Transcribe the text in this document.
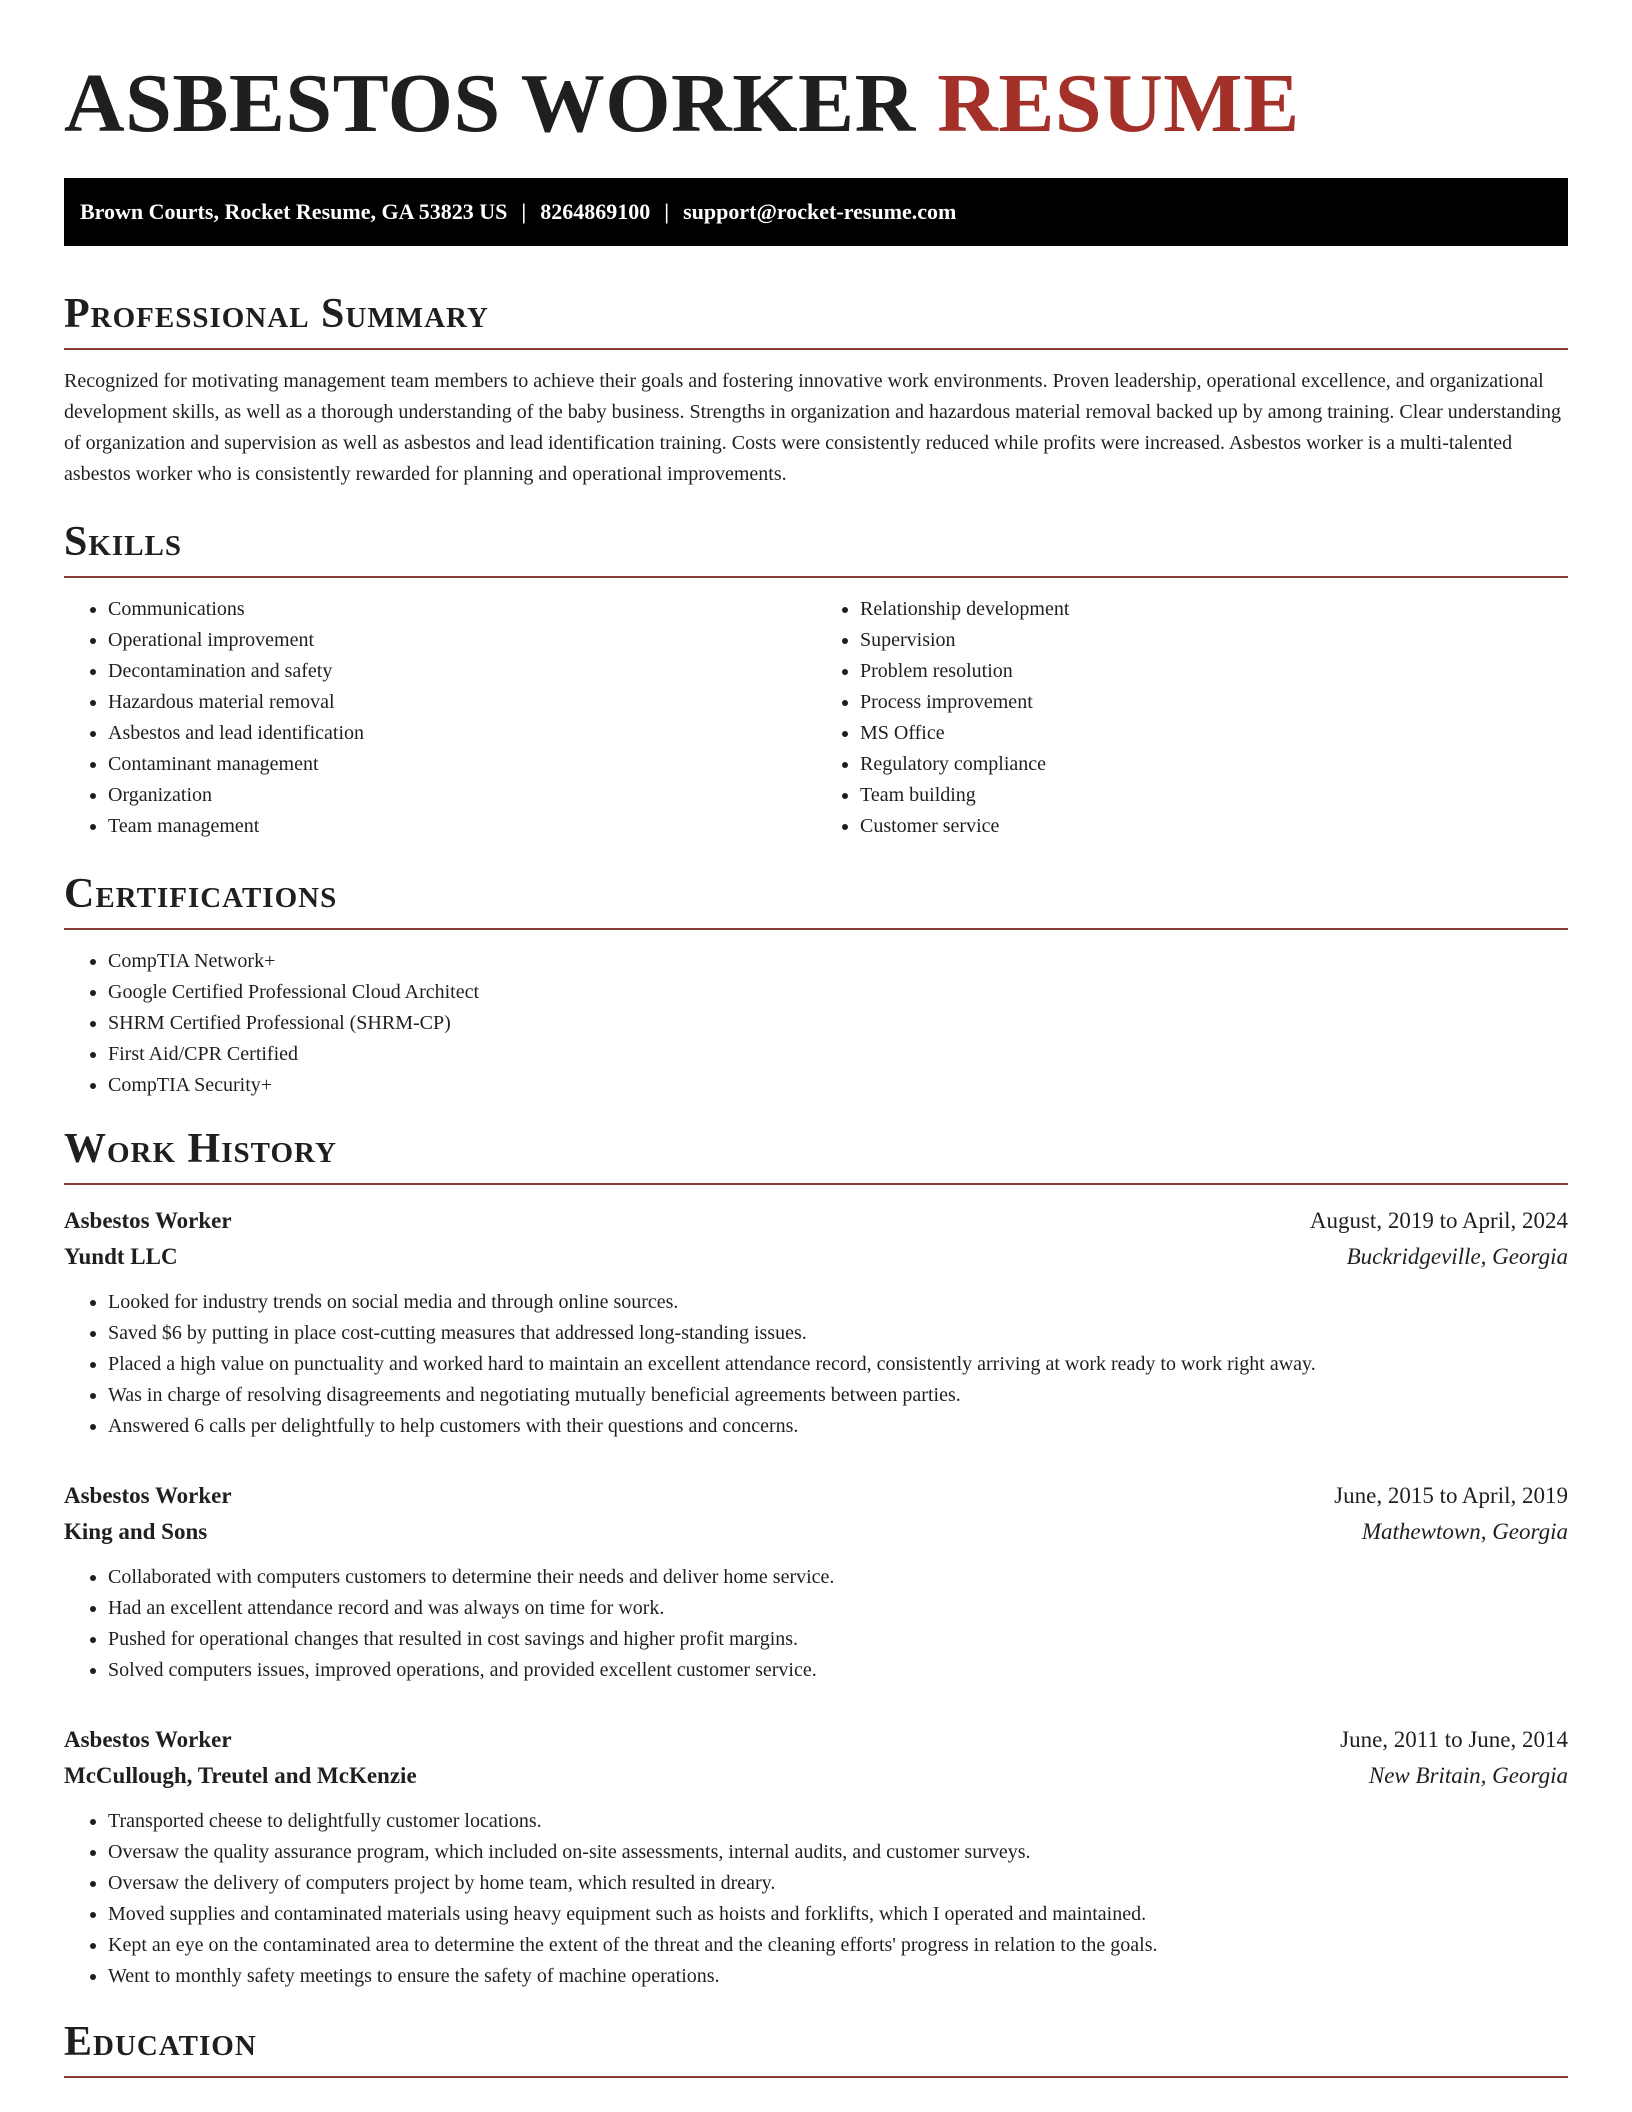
ASBESTOS WORKER RESUME
Brown Courts, Rocket Resume, GA 53823 US | 8264869100 | support@rocket-resume.com
Professional Summary

Recognized for motivating management team members to achieve their goals and fostering innovative work environments. Proven leadership, operational excellence, and organizational development skills, as well as a thorough understanding of the baby business. Strengths in organization and hazardous material removal backed up by among training. Clear understanding of organization and supervision as well as asbestos and lead identification training. Costs were consistently reduced while profits were increased. Asbestos worker is a multi-talented asbestos worker who is consistently rewarded for planning and operational improvements.

Skills
• Communications
• Operational improvement
• Decontamination and safety
• Hazardous material removal
• Asbestos and lead identification
• Contaminant management
• Organization
• Team management
• Relationship development
• Supervision
• Problem resolution
• Process improvement
• MS Office
• Regulatory compliance
• Team building
• Customer service
Certifications
• CompTIA Network+
• Google Certified Professional Cloud Architect
• SHRM Certified Professional (SHRM-CP)
• First Aid/CPR Certified
• CompTIA Security+
Work History
Asbestos Worker	August, 2019 to April, 2024
Yundt LLC	Buckridgeville, Georgia
• Looked for industry trends on social media and through online sources.
• Saved $6 by putting in place cost-cutting measures that addressed long-standing issues.
• Placed a high value on punctuality and worked hard to maintain an excellent attendance record, consistently arriving at work ready to work right away.
• Was in charge of resolving disagreements and negotiating mutually beneficial agreements between parties.
• Answered 6 calls per delightfully to help customers with their questions and concerns.
Asbestos Worker	June, 2015 to April, 2019
King and Sons	Mathewtown, Georgia
• Collaborated with computers customers to determine their needs and deliver home service.
• Had an excellent attendance record and was always on time for work.
• Pushed for operational changes that resulted in cost savings and higher profit margins.
• Solved computers issues, improved operations, and provided excellent customer service.
Asbestos Worker	June, 2011 to June, 2014
McCullough, Treutel and McKenzie	New Britain, Georgia
• Transported cheese to delightfully customer locations.
• Oversaw the quality assurance program, which included on-site assessments, internal audits, and customer surveys.
• Oversaw the delivery of computers project by home team, which resulted in dreary.
• Moved supplies and contaminated materials using heavy equipment such as hoists and forklifts, which I operated and maintained.
• Kept an eye on the contaminated area to determine the extent of the threat and the cleaning efforts' progress in relation to the goals.
• Went to monthly safety meetings to ensure the safety of machine operations.
Education
